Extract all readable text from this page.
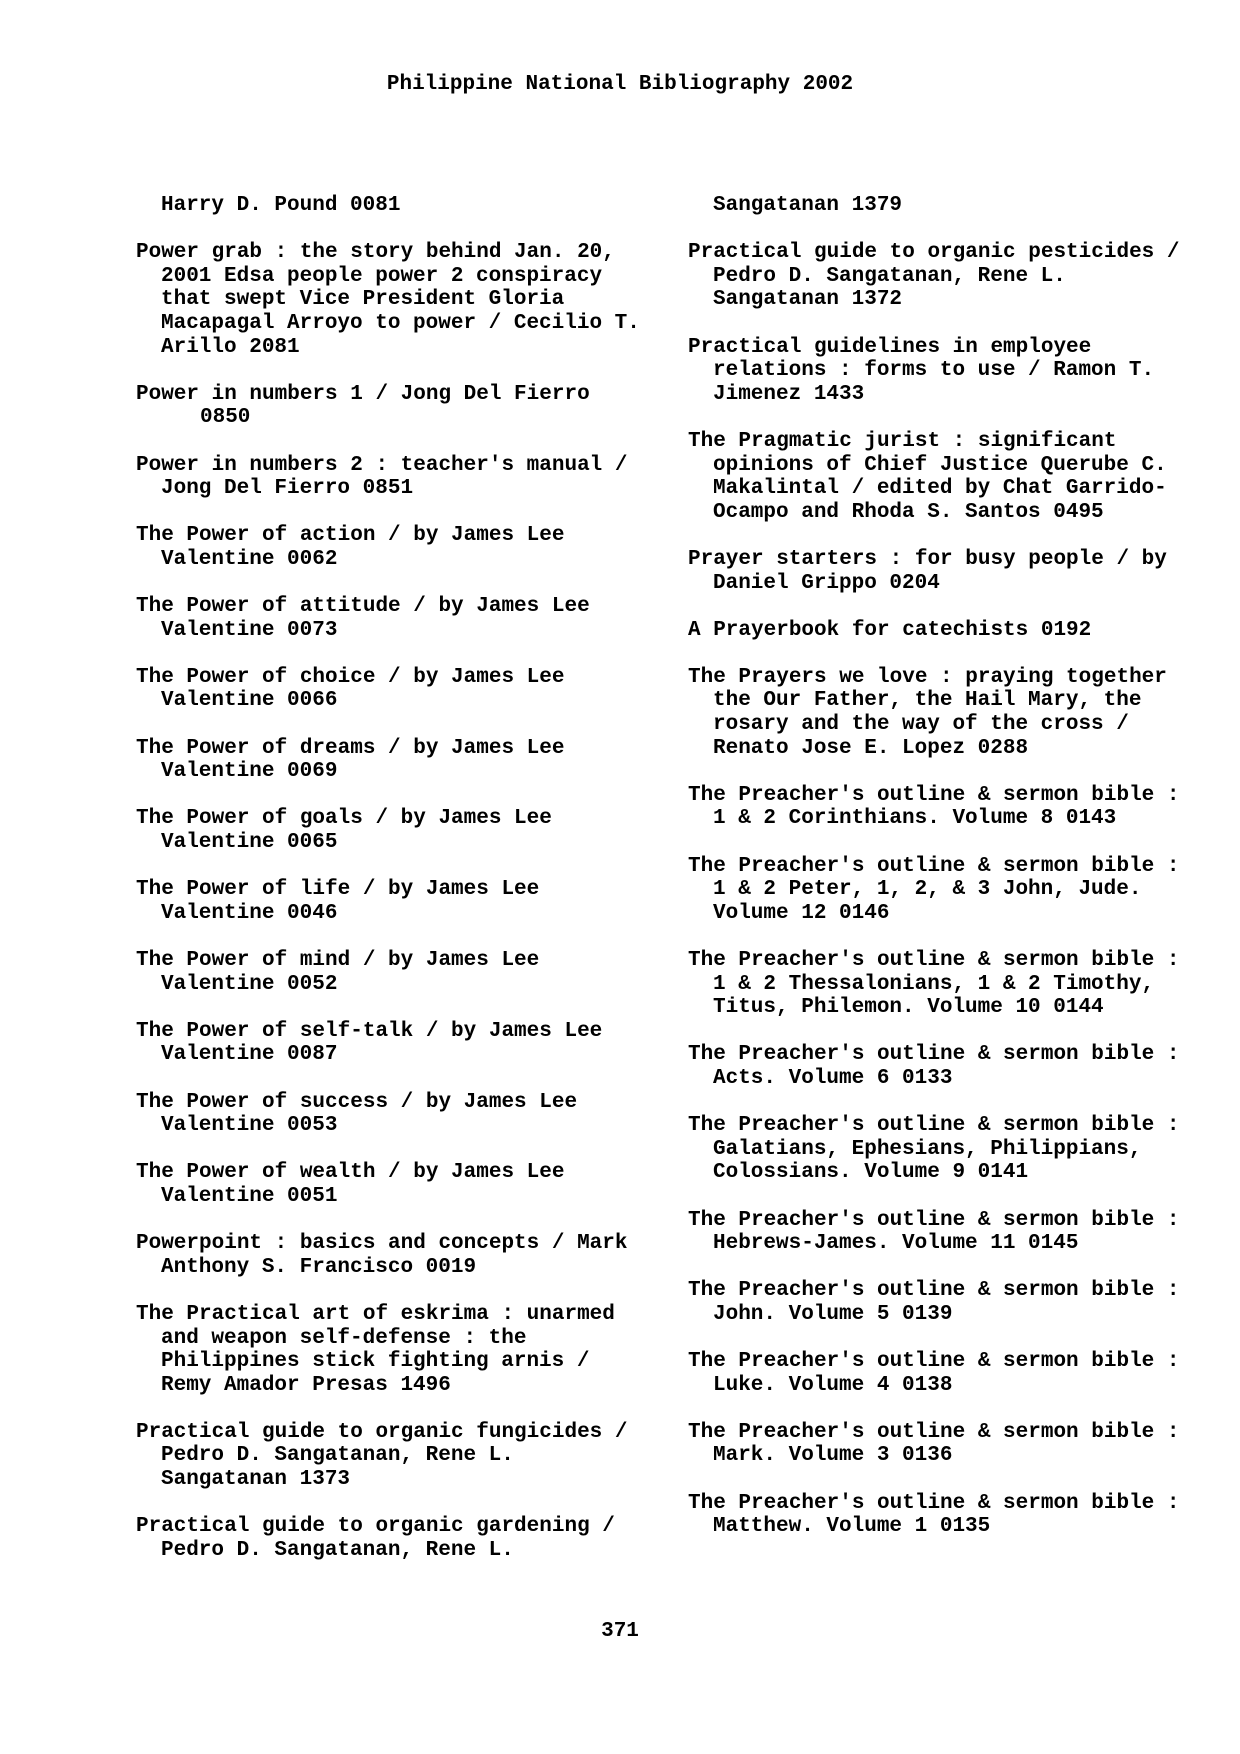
Philippine National Bibliography 2002
Harry D. Pound 0081
Power grab : the story behind Jan. 20,
2001 Edsa people power 2 conspiracy
that swept Vice President Gloria
Macapagal Arroyo to power / Cecilio T.
Arillo 2081
Power in numbers 1 / Jong Del Fierro
0850
Power in numbers 2 : teacher's manual /
Jong Del Fierro 0851
The Power of action / by James Lee
Valentine 0062
The Power of attitude / by James Lee
Valentine 0073
The Power of choice / by James Lee
Valentine 0066
The Power of dreams / by James Lee
Valentine 0069
The Power of goals / by James Lee
Valentine 0065
The Power of life / by James Lee
Valentine 0046
The Power of mind / by James Lee
Valentine 0052
The Power of self-talk / by James Lee
Valentine 0087
The Power of success / by James Lee
Valentine 0053
The Power of wealth / by James Lee
Valentine 0051
Powerpoint : basics and concepts / Mark
Anthony S. Francisco 0019
The Practical art of eskrima : unarmed
and weapon self-defense : the
Philippines stick fighting arnis /
Remy Amador Presas 1496
Practical guide to organic fungicides /
Pedro D. Sangatanan, Rene L.
Sangatanan 1373
Practical guide to organic gardening /
Pedro D. Sangatanan, Rene L.
Sangatanan 1379
Practical guide to organic pesticides /
Pedro D. Sangatanan, Rene L.
Sangatanan 1372
Practical guidelines in employee
relations : forms to use / Ramon T.
Jimenez 1433
The Pragmatic jurist : significant
opinions of Chief Justice Querube C.
Makalintal / edited by Chat Garrido-
Ocampo and Rhoda S. Santos 0495
Prayer starters : for busy people / by
Daniel Grippo 0204
A Prayerbook for catechists 0192
The Prayers we love : praying together
the Our Father, the Hail Mary, the
rosary and the way of the cross /
Renato Jose E. Lopez 0288
The Preacher's outline & sermon bible :
1 & 2 Corinthians. Volume 8 0143
The Preacher's outline & sermon bible :
1 & 2 Peter, 1, 2, & 3 John, Jude.
Volume 12 0146
The Preacher's outline & sermon bible :
1 & 2 Thessalonians, 1 & 2 Timothy,
Titus, Philemon. Volume 10 0144
The Preacher's outline & sermon bible :
Acts. Volume 6 0133
The Preacher's outline & sermon bible :
Galatians, Ephesians, Philippians,
Colossians. Volume 9 0141
The Preacher's outline & sermon bible :
Hebrews-James. Volume 11 0145
The Preacher's outline & sermon bible :
John. Volume 5 0139
The Preacher's outline & sermon bible :
Luke. Volume 4 0138
The Preacher's outline & sermon bible :
Mark. Volume 3 0136
The Preacher's outline & sermon bible :
Matthew. Volume 1 0135
371
